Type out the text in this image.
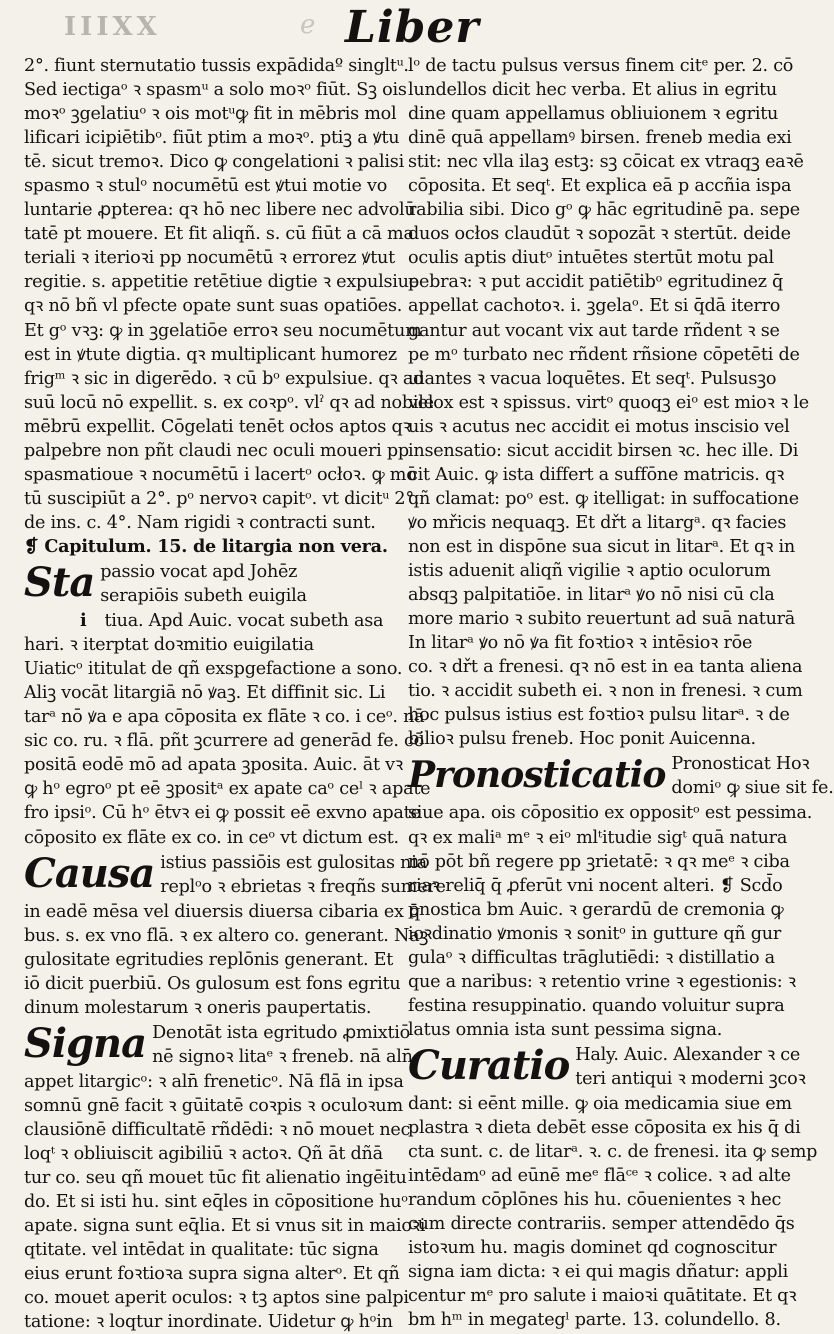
IIIXX	e Liber
2°. fiunt sternutatio tussis expādidaº singltᵘ.
Sed iectigaᵒ ꝛ spasmᵘ a solo moꝛᵒ fiūt. Sꝫ ois
moꝛᵒ ꝫgelatiuᵒ ꝛ ois motᵘꝙ fit in mēbris mol
lificari icipiētibᵒ. fiūt ptim a moꝛᵒ. ptiꝫ a ꝟtu
tē. sicut tremoꝛ. Dico ꝙ congelationi ꝛ palisi
spasmo ꝛ stulᵒ nocumētū est ꝟtui motie vo
luntarie ꝓpterea: qꝛ hō nec libere nec advolū
tatē pt mouere. Et fit aliqñ. s. cū fiūt a cā ma
teriali ꝛ iterioꝛi pp nocumētū ꝛ errorez ꝟtut
regitie. s. appetitie retētiue digtie ꝛ expulsiue
qꝛ nō bñ vl pfecte opate sunt suas opatiōes.
Et gᵒ vꝛꝫ: ꝙ in ꝫgelatiōe erroꝛ seu nocumētum
est in ꝟtute digtia. qꝛ multiplicant humorez
frigᵐ ꝛ sic in digerēdo. ꝛ cū bᵒ expulsiue. qꝛ ad
suū locū nō expellit. s. ex coꝛpᵒ. vlˀ qꝛ ad nobile
mēbrū expellit. Cōgelati tenēt ocłos aptos qꝛ
palpebre non pñt claudi nec oculi moueri pp
spasmatioue ꝛ nocumētū i lacertᵒ ocłoꝛ. ꝙ mō
tū suscipiūt a 2°. pᵒ nervoꝛ capitᵒ. vt dicitᵘ 2°.
de ins. c. 4°. Nam rigidi ꝛ contracti sunt.
❡ Capitulum. 15. de litargia non vera.
Sta passio vocat apd Johēz
serapiōis subeth euigila
i tiua. Apd Auic. vocat subeth asa
hari. ꝛ iterptat doꝛmitio euigilatia
Uiaticᵒ ititulat de qñ exspgefactione a sono.
Aliꝫ vocāt litargiā nō ꝟaꝫ. Et diffinit sic. Li
tarᵃ nō ꝟa e apa cōposita ex flāte ꝛ co. i ceᵒ. nā
sic co. ru. ꝛ flā. pñt ꝫcurrere ad generād fe. cō
positā eodē mō ad apata ꝫposita. Auic. āt vꝛ
ꝙ hᵒ egroᵒ pt eē ꝫpositᵃ ex apate caᵒ ceˡ ꝛ apate
fro ipsiᵒ. Cū hᵒ ētvꝛ ei ꝙ possit eē exvno apate
cōposito ex flāte ex co. in ceᵒ vt dictum est.
Causa istius passiōis est gulositas nia
replᵒo ꝛ ebrietas ꝛ freqñs sumere
in eadē mēsa vel diuersis diuersa cibaria ex q̄
bus. s. ex vno flā. ꝛ ex altero co. generant. Naꝫ
gulositate egritudies replōnis generant. Et
iō dicit puerbiū. Os gulosum est fons egritu
dinum molestarum ꝛ oneris paupertatis.
Signa Denotāt ista egritudo ꝓmixtiō
nē signoꝛ litaᵉ ꝛ freneb. nā aln̄
appet litargicᵒ: ꝛ aln̄ freneticᵒ. Nā flā in ipsa
somnū gnē facit ꝛ gūitatē coꝛpis ꝛ oculoꝛum
clausiōnē difficultatē rñdēdi: ꝛ nō mouet nec
loqᵗ ꝛ obliuiscit agibiliū ꝛ actoꝛ. Qñ āt dñā
tur co. seu qñ mouet tūc fit alienatio ingēitu
do. Et si isti hu. sint eq̄les in cōpositione huᵒ
apate. signa sunt eq̄lia. Et si vnus sit in maioꝛi
qtitate. vel intēdat in qualitate: tūc signa
eius erunt foꝛtioꝛa supra signa alterᵒ. Et qñ
co. mouet aperit oculos: ꝛ tꝫ aptos sine palpi
tatione: ꝛ loqtur inordinate. Uidetur ꝙ hᵒin
lᵒ de tactu pulsus versus finem citᵉ per. 2. cō
lundellos dicit hec verba. Et alius in egritu
dine quam appellamus obliuionem ꝛ egritu
dinē quā appellamꝰ birsen. freneb media exi
stit: nec vlla ilaꝫ estꝫ: sꝫ cōicat ex vtraqꝫ eaꝛē
cōposita. Et seqᵗ. Et explica eā p accñia ispa
rabilia sibi. Dico gᵒ ꝙ hāc egritudinē pa. sepe
duos ocłos claudūt ꝛ sopozāt ꝛ stertūt. deide
oculis aptis diutᵒ intuētes stertūt motu pal
pebraꝛ: ꝛ put accidit patiētibᵒ egritudinez q̄
appellat cachotoꝛ. i. ꝫgelaᵒ. Et si q̄dā iterro
gantur aut vocant vix aut tarde rñdent ꝛ se
pe mᵒ turbato nec rñdent rñsione cōpetēti de
uiantes ꝛ vacua loquētes. Et seqᵗ. Pulsusꝫo
velox est ꝛ spissus. virtᵒ quoqꝫ eiᵒ est mioꝛ ꝛ le
uis ꝛ acutus nec accidit ei motus inscisio vel
insensatio: sicut accidit birsen ꝛc. hec ille. Di
cit Auic. ꝙ ista differt a suffōne matricis. qꝛ
qñ clamat: poᵒ est. ꝙ itelligat: in suffocatione
ꝟo mřicis nequaqꝫ. Et dřt a litargᵃ. qꝛ facies
non est in dispōne sua sicut in litarᵃ. Et qꝛ in
istis aduenit aliqñ vigilie ꝛ aptio oculorum
absqꝫ palpitatiōe. in litarᵃ ꝟo nō nisi cū cla
more mario ꝛ subito reuertunt ad suā naturā
In litarᵃ ꝟo nō ꝟa fit foꝛtioꝛ ꝛ intēsioꝛ rōe
co. ꝛ dřt a frenesi. qꝛ nō est in ea tanta aliena
tio. ꝛ accidit subeth ei. ꝛ non in frenesi. ꝛ cum
hoc pulsus istius est foꝛtioꝛ pulsu litarᵃ. ꝛ de
bilioꝛ pulsu freneb. Hoc ponit Auicenna.
Pronosticatio Pronosticat Hoꝛ
domiᵒ ꝙ siue sit fe.
siue apa. ois cōpositio ex oppositᵒ est pessima.
qꝛ ex maliᵃ mᵉ ꝛ eiᵒ mlᵗitudie sigᵗ quā natura
nō pōt bñ regere pp ꝫrietatē: ꝛ qꝛ meᵉ ꝛ ciba
riaꝛ reliq̄ q̄ ꝓferūt vni nocent alteri. ❡ Scd̄o
pnostica bm Auic. ꝛ gerardū de cremonia ꝙ
ioꝛdinatio ꝟmonis ꝛ sonitᵒ in gutture qñ gur
gulaᵒ ꝛ difficultas trāglutiēdi: ꝛ distillatio a
que a naribus: ꝛ retentio vrine ꝛ egestionis: ꝛ
festina resuppinatio. quando voluitur supra
latus omnia ista sunt pessima signa.
Curatio Haly. Auic. Alexander ꝛ ce
teri antiqui ꝛ moderni ꝫcoꝛ
dant: si eēnt mille. ꝙ oia medicamia siue em
plastra ꝛ dieta debēt esse cōposita ex his q̄ di
cta sunt. c. de litarᵃ. ꝛ. c. de frenesi. ita ꝙ semp
intēdamᵒ ad eūnē meᵉ flāᶜᵉ ꝛ colice. ꝛ ad alte
randum cōplōnes his hu. cōuenientes ꝛ hec
cum directe contrariis. semper attendēdo q̄s
istoꝛum hu. magis dominet qd cognoscitur
signa iam dicta: ꝛ ei qui magis dñatur: appli
centur mᵉ pro salute i maioꝛi quātitate. Et qꝛ
bm hᵐ in megategˡ parte. 13. colundello. 8.
